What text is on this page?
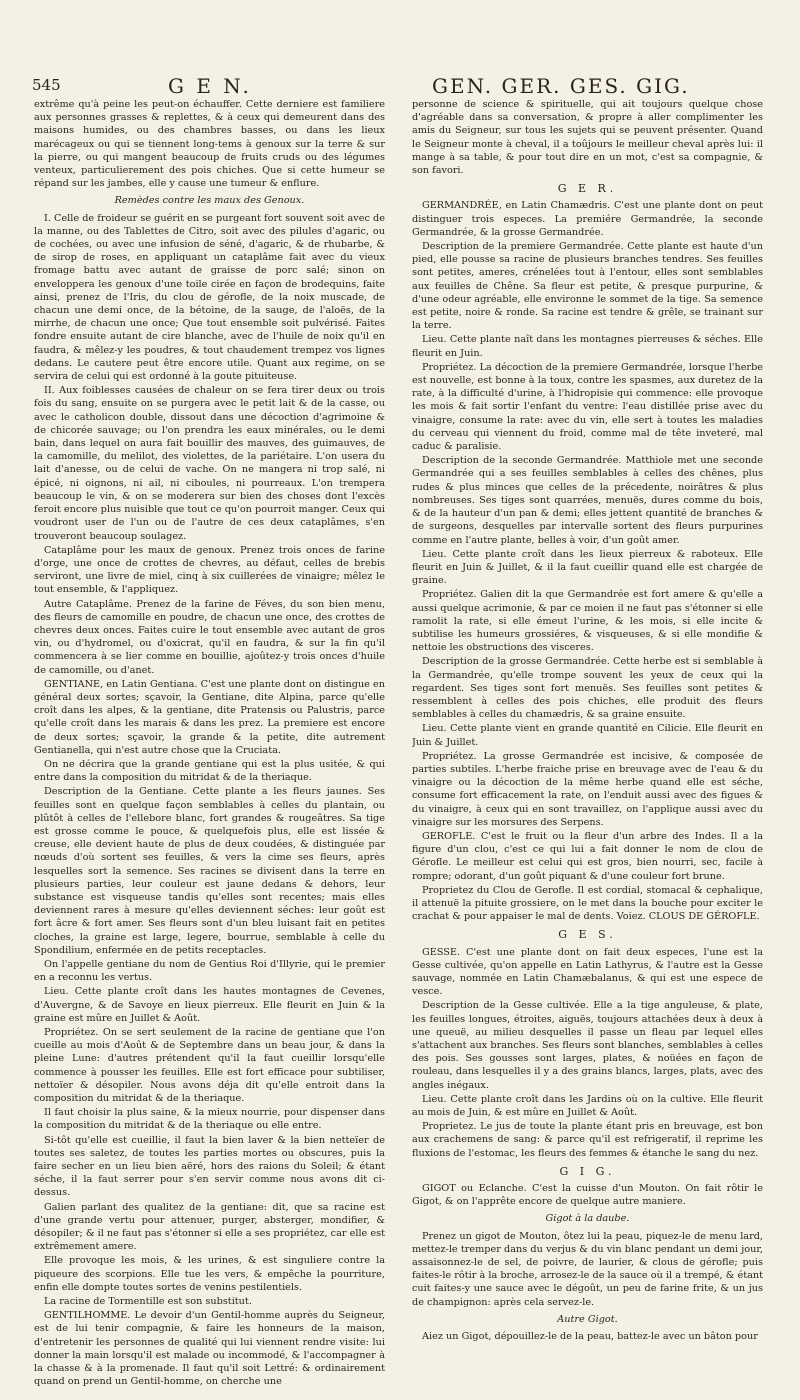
545	G E N.	GEN. GER. GES. GIG.

extrême qu'à peine les peut-on échauffer. Cette derniere est familiere aux personnes grasses & replettes, & à ceux qui demeurent dans des maisons humides, ou des chambres basses, ou dans les lieux marécageux ou qui se tiennent long-tems à genoux sur la terre & sur la pierre, ou qui mangent beaucoup de fruits cruds ou des légumes venteux, particulierement des pois chiches. Que si cette humeur se répand sur les jambes, elle y cause une tumeur & enflure.

Remèdes contre les maux des Genoux.

I. Celle de froideur se guérit en se purgeant fort souvent soit avec de la manne, ou des Tablettes de Citro, soit avec des pilules d'agaric, ou de cochées, ou avec une infusion de séné, d'agaric, & de rhubarbe, & de sirop de roses, en appliquant un cataplâme fait avec du vieux fromage battu avec autant de graisse de porc salé; sinon on enveloppera les genoux d'une toile cirée en façon de brodequins, faite ainsi, prenez de l'Iris, du clou de gérofle, de la noix muscade, de chacun une demi once, de la bétoine, de la sauge, de l'aloës, de la mirrhe, de chacun une once; Que tout ensemble soit pulvérisé. Faites fondre ensuite autant de cire blanche, avec de l'huile de noix qu'il en faudra, & mêlez-y les poudres, & tout chaudement trempez vos lignes dedans. Le cautere peut être encore utile. Quant aux regime, on se servira de celui qui est ordonné à la goute pituiteuse.

II. Aux foiblesses causées de chaleur on se fera tirer deux ou trois fois du sang, ensuite on se purgera avec le petit lait & de la casse, ou avec le catholicon double, dissout dans une décoction d'agrimoine & de chicorée sauvage; ou l'on prendra les eaux minérales, ou le demi bain, dans lequel on aura fait bouillir des mauves, des guimauves, de la camomille, du melilot, des violettes, de la pariétaire. L'on usera du lait d'anesse, ou de celui de vache. On ne mangera ni trop salé, ni épicé, ni oignons, ni ail, ni ciboules, ni pourreaux. L'on trempera beaucoup le vin, & on se moderera sur bien des choses dont l'excès feroit encore plus nuisible que tout ce qu'on pourroit manger. Ceux qui voudront user de l'un ou de l'autre de ces deux cataplâmes, s'en trouveront beaucoup soulagez.

Cataplâme pour les maux de genoux. Prenez trois onces de farine d'orge, une once de crottes de chevres, au défaut, celles de brebis serviront, une livre de miel, cinq à six cuillerées de vinaigre; mêlez le tout ensemble, & l'appliquez.

Autre Cataplâme. Prenez de la farine de Féves, du son bien menu, des fleurs de camomille en poudre, de chacun une once, des crottes de chevres deux onces. Faites cuire le tout ensemble avec autant de gros vin, ou d'hydromel, ou d'oxicrat, qu'il en faudra, & sur la fin qu'il commencera à se lier comme en bouillie, ajoûtez-y trois onces d'huile de camomille, ou d'anet.

GENTIANE, en Latin Gentiana. C'est une plante dont on distingue en général deux sortes; sçavoir, la Gentiane, dite Alpina, parce qu'elle croît dans les alpes, & la gentiane, dite Pratensis ou Palustris, parce qu'elle croît dans les marais & dans les prez. La premiere est encore de deux sortes; sçavoir, la grande & la petite, dite autrement Gentianella, qui n'est autre chose que la Cruciata.

On ne décrira que la grande gentiane qui est la plus usitée, & qui entre dans la composition du mitridat & de la theriaque.

Description de la Gentiane. Cette plante a les fleurs jaunes. Ses feuilles sont en quelque façon semblables à celles du plantain, ou plûtôt à celles de l'ellebore blanc, fort grandes & rougeâtres. Sa tige est grosse comme le pouce, & quelquefois plus, elle est lissée & creuse, elle devient haute de plus de deux coudées, & distinguée par nœuds d'où sortent ses feuilles, & vers la cime ses fleurs, après lesquelles sort la semence. Ses racines se divisent dans la terre en plusieurs parties, leur couleur est jaune dedans & dehors, leur substance est visqueuse tandis qu'elles sont recentes; mais elles deviennent rares à mesure qu'elles deviennent séches: leur goût est fort âcre & fort amer. Ses fleurs sont d'un bleu luisant fait en petites cloches, la graine est large, legere, bourrue, semblable à celle du Spondilium, enfermée en de petits receptacles.

On l'appelle gentiane du nom de Gentius Roi d'Illyrie, qui le premier en a reconnu les vertus.

Lieu. Cette plante croît dans les hautes montagnes de Cevenes, d'Auvergne, & de Savoye en lieux pierreux. Elle fleurit en Juin & la graine est mûre en Juillet & Août.

Propriétez. On se sert seulement de la racine de gentiane que l'on cueille au mois d'Août & de Septembre dans un beau jour, & dans la pleine Lune: d'autres prétendent qu'il la faut cueillir lorsqu'elle commence à pousser les feuilles. Elle est fort efficace pour subtiliser, nettoïer & désopiler. Nous avons déja dit qu'elle entroit dans la composition du mitridat & de la theriaque.

Il faut choisir la plus saine, & la mieux nourrie, pour dispenser dans la composition du mitridat & de la theriaque ou elle entre.

Si-tôt qu'elle est cueillie, il faut la bien laver & la bien netteïer de toutes ses saletez, de toutes les parties mortes ou obscures, puis la faire secher en un lieu bien aëré, hors des raions du Soleil; & étant séche, il la faut serrer pour s'en servir comme nous avons dit ci-dessus.

Galien parlant des qualitez de la gentiane: dit, que sa racine est d'une grande vertu pour attenuer, purger, absterger, mondifier, & désopiler; & il ne faut pas s'étonner si elle a ses propriétez, car elle est extrêmement amere.

Elle provoque les mois, & les urines, & est singuliere contre la piqueure des scorpions. Elle tue les vers, & empêche la pourriture, enfin elle dompte toutes sortes de venins pestilentiels.

La racine de Tormentille est son substitut.

GENTILHOMME. Le devoir d'un Gentil-homme auprès du Seigneur, est de lui tenir compagnie, & faire les honneurs de la maison, d'entretenir les personnes de qualité qui lui viennent rendre visite: lui donner la main lorsqu'il est malade ou incommodé, & l'accompagner à la chasse & à la promenade. Il faut qu'il soit Lettré: & ordinairement quand on prend un Gentil-homme, on cherche une

personne de science & spirituelle, qui ait toujours quelque chose d'agréable dans sa conversation, & propre à aller complimenter les amis du Seigneur, sur tous les sujets qui se peuvent présenter. Quand le Seigneur monte à cheval, il a toûjours le meilleur cheval après lui: il mange à sa table, & pour tout dire en un mot, c'est sa compagnie, & son favori.

G E R.

GERMANDRÉE, en Latin Chamædris. C'est une plante dont on peut distinguer trois especes. La premiére Germandrée, la seconde Germandrée, & la grosse Germandrée.

Description de la premiere Germandrée. Cette plante est haute d'un pied, elle pousse sa racine de plusieurs branches tendres. Ses feuilles sont petites, ameres, crénelées tout à l'entour, elles sont semblables aux feuilles de Chêne. Sa fleur est petite, & presque purpurine, & d'une odeur agréable, elle environne le sommet de la tige. Sa semence est petite, noire & ronde. Sa racine est tendre & grêle, se trainant sur la terre.

Lieu. Cette plante naît dans les montagnes pierreuses & séches. Elle fleurit en Juin.

Propriétez. La décoction de la premiere Germandrée, lorsque l'herbe est nouvelle, est bonne à la toux, contre les spasmes, aux duretez de la rate, à la difficulté d'urine, à l'hidropisie qui commence: elle provoque les mois & fait sortir l'enfant du ventre: l'eau distillée prise avec du vinaigre, consume la rate: avec du vin, elle sert à toutes les maladies du cerveau qui viennent du froid, comme mal de tête inveteré, mal caduc & paralisie.

Description de la seconde Germandrée. Matthiole met une seconde Germandrée qui a ses feuilles semblables à celles des chênes, plus rudes & plus minces que celles de la précedente, noirâtres & plus nombreuses. Ses tiges sont quarrées, menuës, dures comme du bois, & de la hauteur d'un pan & demi; elles jettent quantité de branches & de surgeons, desquelles par intervalle sortent des fleurs purpurines comme en l'autre plante, belles à voir, d'un goût amer.

Lieu. Cette plante croît dans les lieux pierreux & raboteux. Elle fleurit en Juin & Juillet, & il la faut cueillir quand elle est chargée de graine.

Propriétez. Galien dit la que Germandrée est fort amere & qu'elle a aussi quelque acrimonie, & par ce moien il ne faut pas s'étonner si elle ramolit la rate, si elle émeut l'urine, & les mois, si elle incite & subtilise les humeurs grossiéres, & visqueuses, & si elle mondifie & nettoie les obstructions des visceres.

Description de la grosse Germandrée. Cette herbe est si semblable à la Germandrée, qu'elle trompe souvent les yeux de ceux qui la regardent. Ses tiges sont fort menuës. Ses feuilles sont petites & ressemblent à celles des pois chiches, elle produit des fleurs semblables à celles du chamædris, & sa graine ensuite.

Lieu. Cette plante vient en grande quantité en Cilicie. Elle fleurit en Juin & Juillet.

Propriétez. La grosse Germandrée est incisive, & composée de parties subtiles. L'herbe fraiche prise en breuvage avec de l'eau & du vinaigre ou la décoction de la même herbe quand elle est séche, consume fort efficacement la rate, on l'enduit aussi avec des figues & du vinaigre, à ceux qui en sont travaillez, on l'applique aussi avec du vinaigre sur les morsures des Serpens.

GEROFLE. C'est le fruit ou la fleur d'un arbre des Indes. Il a la figure d'un clou, c'est ce qui lui a fait donner le nom de clou de Gérofle. Le meilleur est celui qui est gros, bien nourri, sec, facile à rompre; odorant, d'un goût piquant & d'une couleur fort brune.

Proprietez du Clou de Gerofle. Il est cordial, stomacal & cephalique, il attenuë la pituite grossiere, on le met dans la bouche pour exciter le crachat & pour appaiser le mal de dents. Voiez. CLOUS DE GÉROFLE.

G E S.

GESSE. C'est une plante dont on fait deux especes, l'une est la Gesse cultivée, qu'on appelle en Latin Lathyrus, & l'autre est la Gesse sauvage, nommée en Latin Chamæbalanus, & qui est une espece de vesce.

Description de la Gesse cultivée. Elle a la tige anguleuse, & plate, les feuilles longues, étroites, aiguës, toujours attachées deux à deux à une queuë, au milieu desquelles il passe un fleau par lequel elles s'attachent aux branches. Ses fleurs sont blanches, semblables à celles des pois. Ses gousses sont larges, plates, & noüées en façon de rouleau, dans lesquelles il y a des grains blancs, larges, plats, avec des angles inégaux.

Lieu. Cette plante croît dans les Jardins où on la cultive. Elle fleurit au mois de Juin, & est mûre en Juillet & Août.

Proprietez. Le jus de toute la plante étant pris en breuvage, est bon aux crachemens de sang: & parce qu'il est refrigeratif, il reprime les fluxions de l'estomac, les fleurs des femmes & étanche le sang du nez.

G I G.

GIGOT ou Eclanche. C'est la cuisse d'un Mouton. On fait rôtir le Gigot, & on l'apprête encore de quelque autre maniere.

Gigot à la daube.

Prenez un gigot de Mouton, ôtez lui la peau, piquez-le de menu lard, mettez-le tremper dans du verjus & du vin blanc pendant un demi jour, assaisonnez-le de sel, de poivre, de laurier, & clous de gérofle; puis faites-le rôtir à la broche, arrosez-le de la sauce où il a trempé, & étant cuit faites-y une sauce avec le dégoût, un peu de farine frite, & un jus de champignon: après cela servez-le.

Autre Gigot.

Aiez un Gigot, dépouillez-le de la peau, battez-le avec un bâton pour
